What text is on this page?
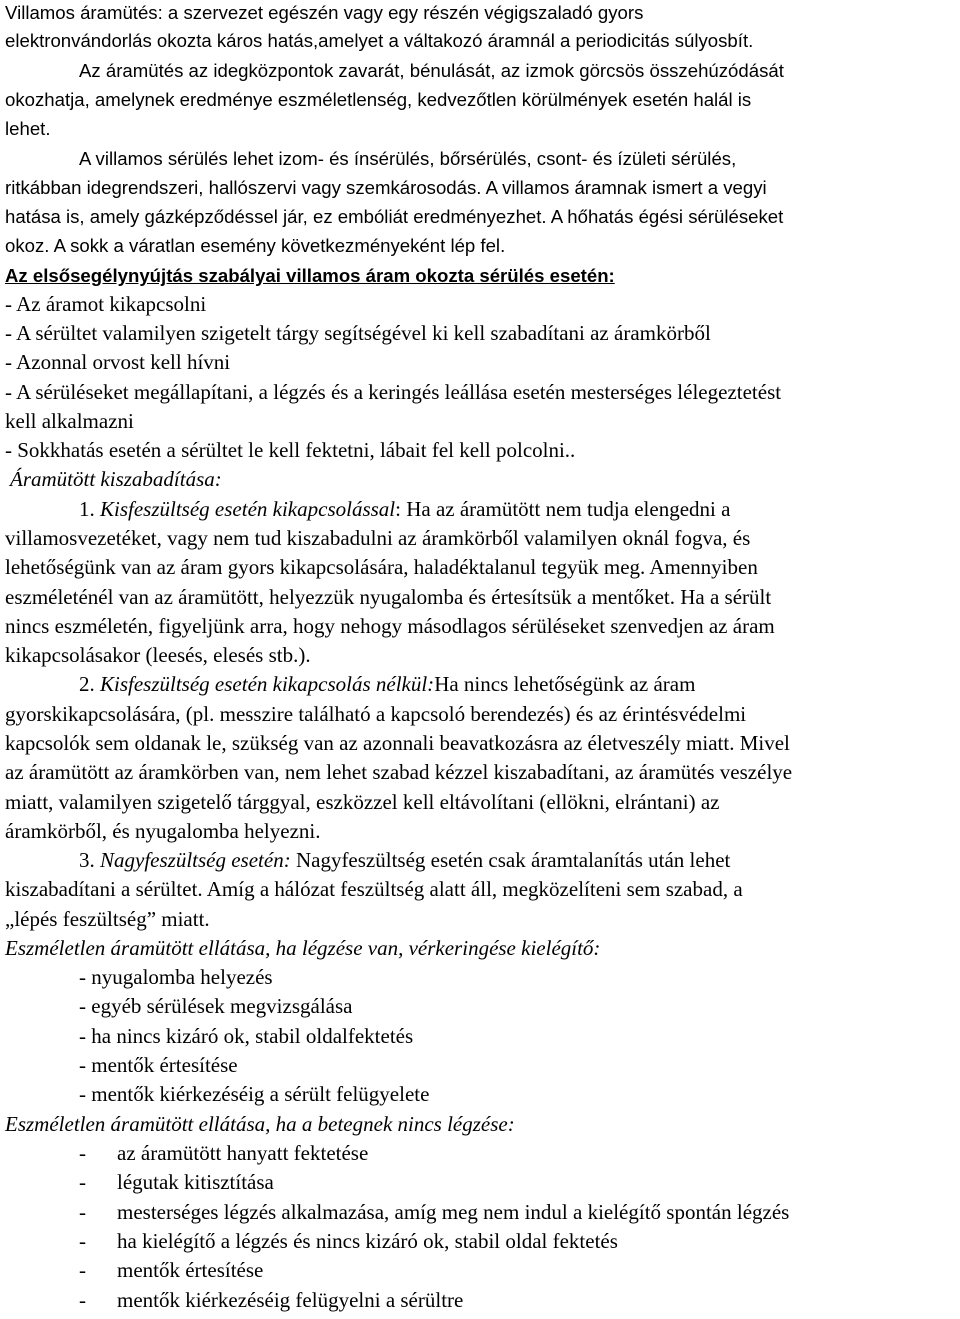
Villamos áramütés: a szervezet egészén vagy egy részén végigszaladó gyors
elektronvándorlás okozta káros hatás,amelyet a váltakozó áramnál a periodicitás súlyosbít.
Az áramütés az idegközpontok zavarát, bénulását, az izmok görcsös összehúzódását
okozhatja, amelynek eredménye eszméletlenség, kedvezőtlen körülmények esetén halál is
lehet.
A villamos sérülés lehet izom- és ínsérülés, bőrsérülés, csont- és ízületi sérülés,
ritkábban idegrendszeri, hallószervi vagy szemkárosodás. A villamos áramnak ismert a vegyi
hatása is, amely gázképződéssel jár, ez embóliát eredményezhet. A hőhatás égési sérüléseket
okoz. A sokk a váratlan esemény következményeként lép fel.
Az elsősegélynyújtás szabályai villamos áram okozta sérülés esetén:
- Az áramot kikapcsolni
- A sérültet valamilyen szigetelt tárgy segítségével ki kell szabadítani az áramkörből
- Azonnal orvost kell hívni
- A sérüléseket megállapítani, a légzés és a keringés leállása esetén mesterséges lélegeztetést
kell alkalmazni
- Sokkhatás esetén a sérültet le kell fektetni, lábait fel kell polcolni..
Áramütött kiszabadítása:
1. Kisfeszültség esetén kikapcsolással: Ha az áramütött nem tudja elengedni a
villamosvezetéket, vagy nem tud kiszabadulni az áramkörből valamilyen oknál fogva, és
lehetőségünk van az áram gyors kikapcsolására, haladéktalanul tegyük meg. Amennyiben
eszméleténél van az áramütött, helyezzük nyugalomba és értesítsük a mentőket. Ha a sérült
nincs eszméletén, figyeljünk arra, hogy nehogy másodlagos sérüléseket szenvedjen az áram
kikapcsolásakor (leesés, elesés stb.).
2. Kisfeszültség esetén kikapcsolás nélkül:Ha nincs lehetőségünk az áram
gyorskikapcsolására, (pl. messzire található a kapcsoló berendezés) és az érintésvédelmi
kapcsolók sem oldanak le, szükség van az azonnali beavatkozásra az életveszély miatt. Mivel
az áramütött az áramkörben van, nem lehet szabad kézzel kiszabadítani, az áramütés veszélye
miatt, valamilyen szigetelő tárggyal, eszközzel kell eltávolítani (ellökni, elrántani) az
áramkörből, és nyugalomba helyezni.
3. Nagyfeszültség esetén: Nagyfeszültség esetén csak áramtalanítás után lehet
kiszabadítani a sérültet. Amíg a hálózat feszültség alatt áll, megközelíteni sem szabad, a
„lépés feszültség” miatt.
Eszméletlen áramütött ellátása, ha légzése van, vérkeringése kielégítő:
- nyugalomba helyezés
- egyéb sérülések megvizsgálása
- ha nincs kizáró ok, stabil oldalfektetés
- mentők értesítése
- mentők kiérkezéséig a sérült felügyelete
Eszméletlen áramütött ellátása, ha a betegnek nincs légzése:
- az áramütött hanyatt fektetése
- légutak kitisztítása
- mesterséges légzés alkalmazása, amíg meg nem indul a kielégítő spontán légzés
- ha kielégítő a légzés és nincs kizáró ok, stabil oldal fektetés
- mentők értesítése
- mentők kiérkezéséig felügyelni a sérültre
